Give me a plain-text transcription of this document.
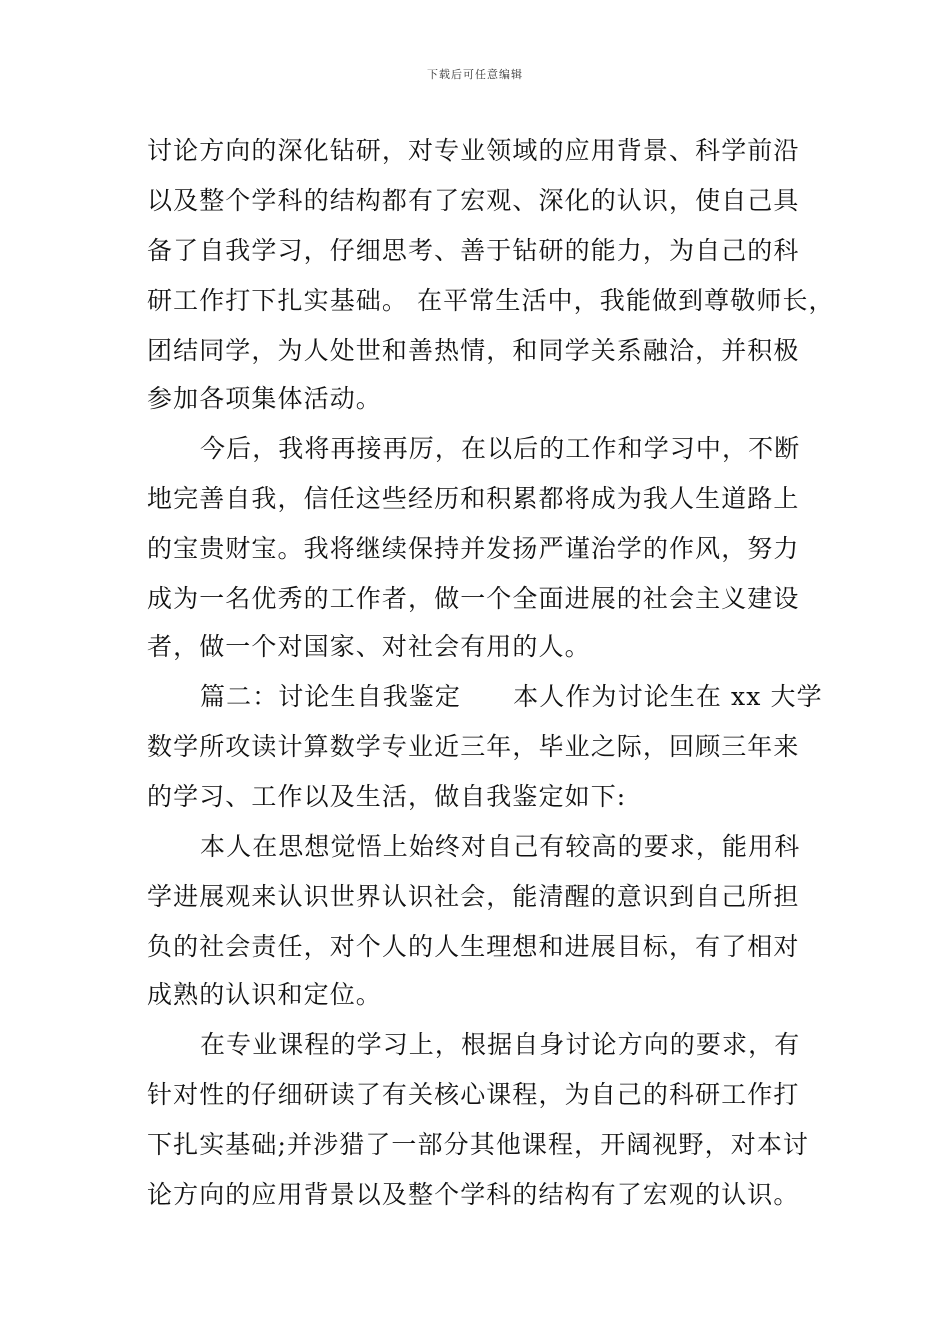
下载后可任意编辑
讨论方向的深化钻研，对专业领域的应用背景、科学前沿
以及整个学科的结构都有了宏观、深化的认识，使自己具
备了自我学习，仔细思考、善于钻研的能力，为自己的科
研工作打下扎实基础。 在平常生活中，我能做到尊敬师长，
团结同学，为人处世和善热情，和同学关系融洽，并积极
参加各项集体活动。
今后，我将再接再厉，在以后的工作和学习中，不断
地完善自我，信任这些经历和积累都将成为我人生道路上
的宝贵财宝。我将继续保持并发扬严谨治学的作风，努力
成为一名优秀的工作者，做一个全面进展的社会主义建设
者，做一个对国家、对社会有用的人。
篇二：讨论生自我鉴定　　本人作为讨论生在 xx 大学
数学所攻读计算数学专业近三年，毕业之际，回顾三年来
的学习、工作以及生活，做自我鉴定如下:
本人在思想觉悟上始终对自己有较高的要求，能用科
学进展观来认识世界认识社会，能清醒的意识到自己所担
负的社会责任，对个人的人生理想和进展目标，有了相对
成熟的认识和定位。
在专业课程的学习上，根据自身讨论方向的要求，有
针对性的仔细研读了有关核心课程，为自己的科研工作打
下扎实基础;并涉猎了一部分其他课程，开阔视野，对本讨
论方向的应用背景以及整个学科的结构有了宏观的认识。
